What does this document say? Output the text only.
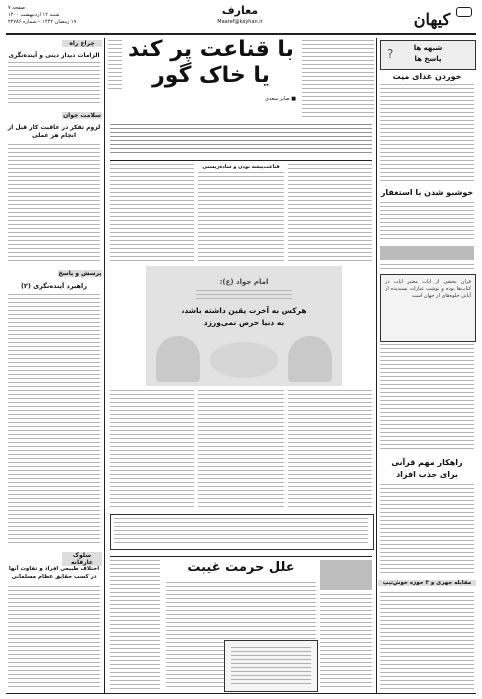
صفحه ۷
شنبه ۱۲ اردیبهشت ۱۴۰۰
۱۹ رمضان ۱۴۴۲ – شماره ۲۲۷۸۶
معارف
Maaref@kayhan.ir	کیهان
چراغ راه
الزامات دیدار دینی و آینده‌نگری
سلامت جوان
لزوم تفکر در عاقبت کار قبل از انجام هر عملی
پرسش و پاسخ
راهبرد آینده‌نگری (۲)
سلوک عارفانه
اختلاف طبیعی افراد و تفاوت آنها در کسب حقایق عظام مسلمانی
شبهه ها
پاسخ ها
?
خوردن غذای میت
خوشبو شدن با استغفار
قرآن بخشی از آیات معتبر آیات در کتاب‌ها بوده و نوشت عبارات پسندیده از آیاتی جلوه‌های از جهان است
راهکار مهم قرآنی
برای جذب افراد
مقابله جهری و ۳ حوزه خوش‌تیپ
با قناعت پر کند
یا خاک گور
■ صابر سعدی
قناعت‌پیشه بودن و ساده‌زیستی
امام جواد (ع):
هرکس به آخرت یقین داشته باشد،
به دنیا حرص نمی‌ورزد
علل حرمت غیبت
